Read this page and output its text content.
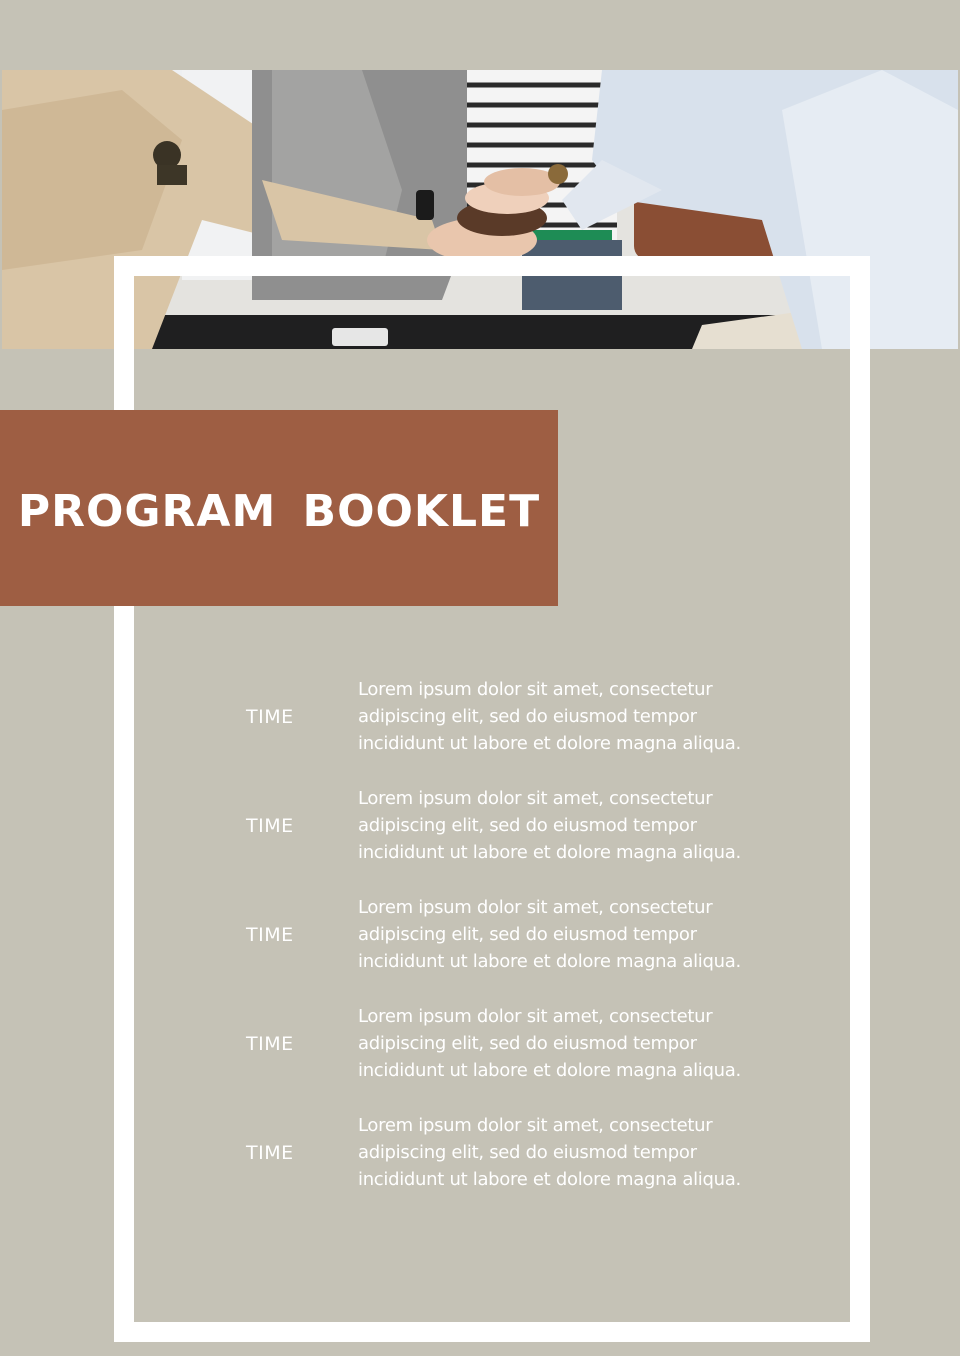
PROGRAM BOOKLET
TIME
Lorem ipsum dolor sit amet, consectetur
adipiscing elit, sed do eiusmod tempor
incididunt ut labore et dolore magna aliqua.
TIME
Lorem ipsum dolor sit amet, consectetur
adipiscing elit, sed do eiusmod tempor
incididunt ut labore et dolore magna aliqua.
TIME
Lorem ipsum dolor sit amet, consectetur
adipiscing elit, sed do eiusmod tempor
incididunt ut labore et dolore magna aliqua.
TIME
Lorem ipsum dolor sit amet, consectetur
adipiscing elit, sed do eiusmod tempor
incididunt ut labore et dolore magna aliqua.
TIME
Lorem ipsum dolor sit amet, consectetur
adipiscing elit, sed do eiusmod tempor
incididunt ut labore et dolore magna aliqua.
